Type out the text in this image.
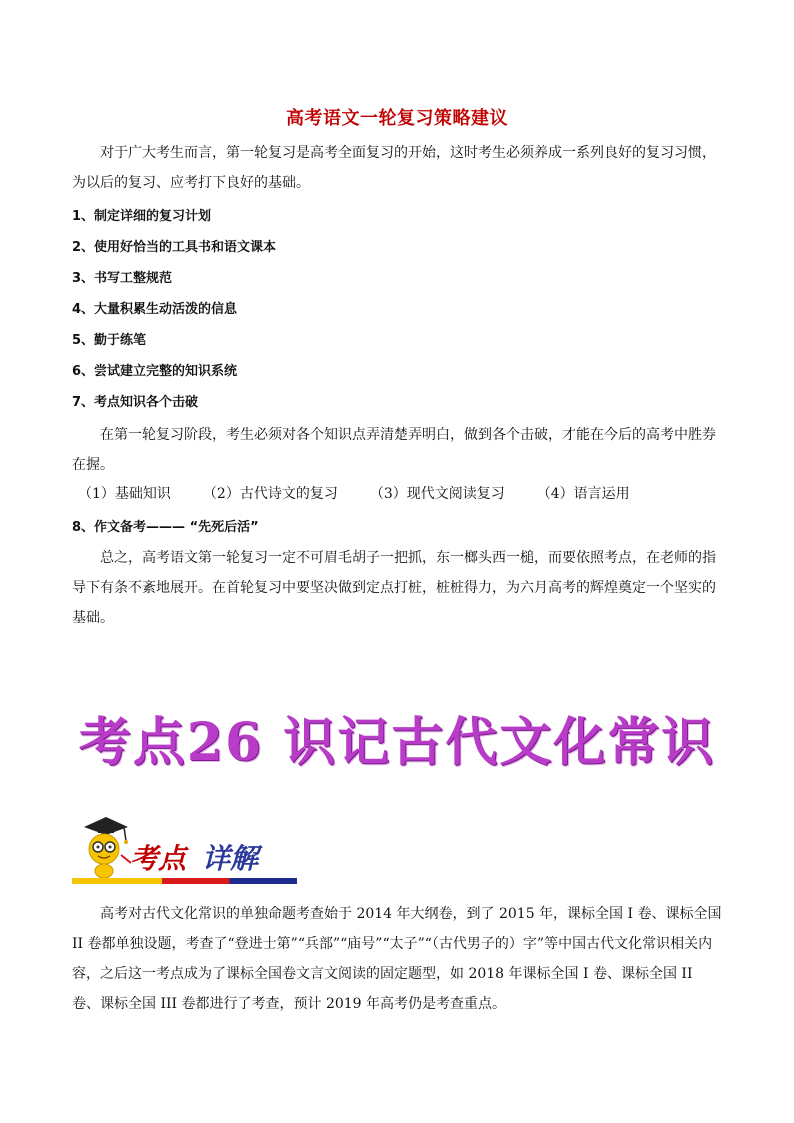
高考语文一轮复习策略建议
对于广大考生而言，第一轮复习是高考全面复习的开始，这时考生必须养成一系列良好的复习习惯，为以后的复习、应考打下良好的基础。
1、制定详细的复习计划
2、使用好恰当的工具书和语文课本
3、书写工整规范
4、大量积累生动活泼的信息
5、勤于练笔
6、尝试建立完整的知识系统
7、考点知识各个击破
在第一轮复习阶段，考生必须对各个知识点弄清楚弄明白，做到各个击破，才能在今后的高考中胜券在握。
（1）基础知识 （2）古代诗文的复习 （3）现代文阅读复习 （4）语言运用
8、作文备考——— “先死后活”
总之，高考语文第一轮复习一定不可眉毛胡子一把抓，东一榔头西一槌，而要依照考点，在老师的指导下有条不紊地展开。在首轮复习中要坚决做到定点打桩，桩桩得力，为六月高考的辉煌奠定一个坚实的基础。
考点26 识记古代文化常识
考点 详解
高考对古代文化常识的单独命题考查始于 2014 年大纲卷，到了 2015 年，课标全国 I 卷、课标全国 II 卷都单独设题，考查了“登进士第”“兵部”“庙号”“太子”“（古代男子的）字”等中国古代文化常识相关内容，之后这一考点成为了课标全国卷文言文阅读的固定题型，如 2018 年课标全国 I 卷、课标全国 II 卷、课标全国 III 卷都进行了考查，预计 2019 年高考仍是考查重点。
